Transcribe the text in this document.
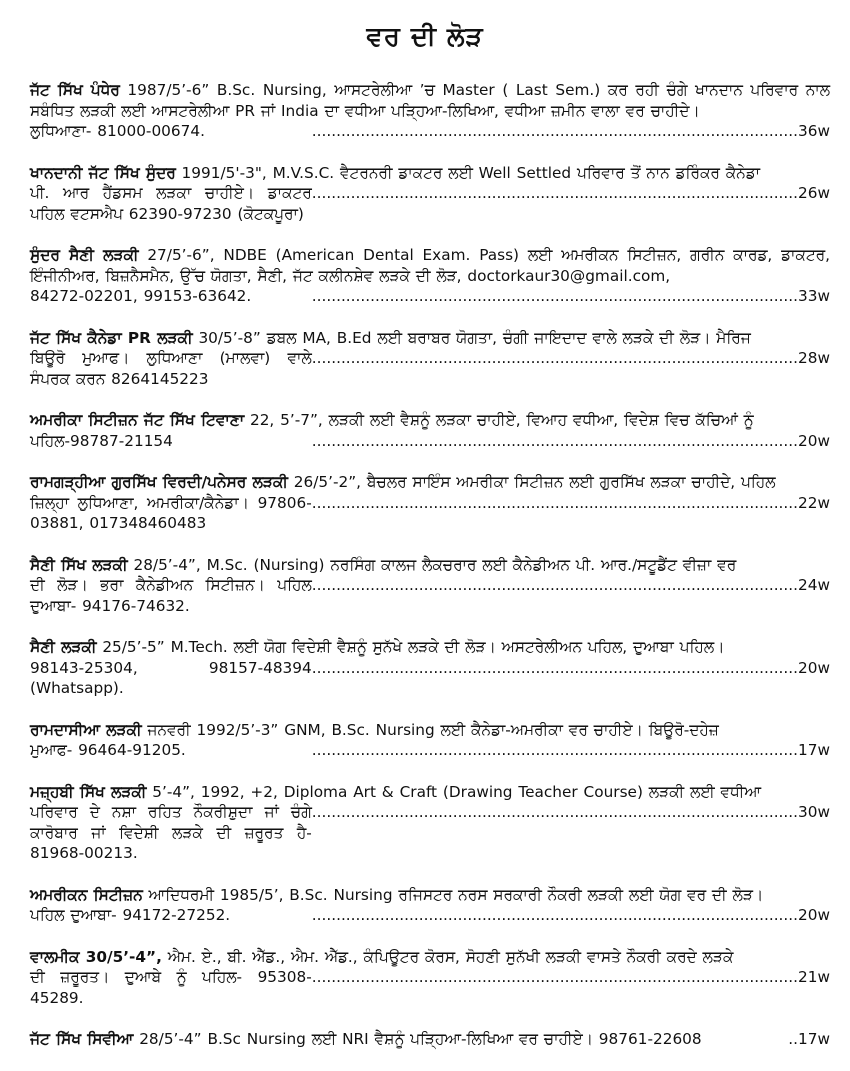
ਵਰ ਦੀ ਲੋੜ
ਜੱਟ ਸਿੱਖ ਪੰਧੇਰ 1987/5’-6” B.Sc. Nursing, ਆਸਟਰੇਲੀਆ ’ਚ Master ( Last Sem.) ਕਰ ਰਹੀ ਚੰਗੇ ਖਾਨਦਾਨ ਪਰਿਵਾਰ ਨਾਲ ਸਬੰਧਿਤ ਲੜਕੀ ਲਈ ਆਸਟਰੇਲੀਆ PR ਜਾਂ India ਦਾ ਵਧੀਆ ਪੜ੍ਹਿਆ-ਲਿਖਿਆ, ਵਧੀਆ ਜ਼ਮੀਨ ਵਾਲਾ ਵਰ ਚਾਹੀਦੇ।
ਲੁਧਿਆਣਾ- 81000-00674.	.................................................................................................... 36w
ਖਾਨਦਾਨੀ ਜੱਟ ਸਿੱਖ ਸੁੰਦਰ 1991/5'-3", M.V.S.C. ਵੈਟਰਨਰੀ ਡਾਕਟਰ ਲਈ Well Settled ਪਰਿਵਾਰ ਤੋਂ ਨਾਨ ਡਰਿੰਕਰ ਕੈਨੇਡਾ
ਪੀ. ਆਰ ਹੈਂਡਸਮ ਲੜਕਾ ਚਾਹੀਏ। ਡਾਕਟਰ ਪਹਿਲ ਵਟਸਐਪ 62390-97230 (ਕੋਟਕਪੂਰਾ)
.................................................................................................... 26w
ਸੁੰਦਰ ਸੈਣੀ ਲੜਕੀ 27/5’-6”, NDBE (American Dental Exam. Pass) ਲਈ ਅਮਰੀਕਨ ਸਿਟੀਜ਼ਨ, ਗਰੀਨ ਕਾਰਡ, ਡਾਕਟਰ, ਇੰਜੀਨੀਅਰ, ਬਿਜ਼ਨੈਸਮੈਨ, ਉੱਚ ਯੋਗਤਾ, ਸੈਣੀ, ਜੱਟ ਕਲੀਨਸ਼ੇਵ ਲੜਕੇ ਦੀ ਲੋੜ, doctorkaur30@gmail.com,
84272-02201, 99153-63642.	.................................................................................................... 33w
ਜੱਟ ਸਿੱਖ ਕੈਨੇਡਾ PR ਲੜਕੀ 30/5’-8” ਡਬਲ MA, B.Ed ਲਈ ਬਰਾਬਰ ਯੋਗਤਾ, ਚੰਗੀ ਜਾਇਦਾਦ ਵਾਲੇ ਲੜਕੇ ਦੀ ਲੋੜ। ਮੈਰਿਜ
ਬਿਊਰੋ ਮੁਆਫ। ਲੁਧਿਆਣਾ (ਮਾਲਵਾ) ਵਾਲੇ ਸੰਪਰਕ ਕਰਨ 8264145223
.................................................................................................... 28w
ਅਮਰੀਕਾ ਸਿਟੀਜ਼ਨ ਜੱਟ ਸਿੱਖ ਟਿਵਾਣਾ 22, 5’-7”, ਲੜਕੀ ਲਈ ਵੈਸ਼ਨੂੰ ਲੜਕਾ ਚਾਹੀਏ, ਵਿਆਹ ਵਧੀਆ, ਵਿਦੇਸ਼ ਵਿਚ ਕੱਚਿਆਂ ਨੂੰ
ਪਹਿਲ-98787-21154	.................................................................................................... 20w
ਰਾਮਗੜ੍ਹੀਆ ਗੁਰਸਿੱਖ ਵਿਰਦੀ/ਪਨੇਸਰ ਲੜਕੀ 26/5’-2”, ਬੈਚਲਰ ਸਾਇੰਸ ਅਮਰੀਕਾ ਸਿਟੀਜ਼ਨ ਲਈ ਗੁਰਸਿੱਖ ਲੜਕਾ ਚਾਹੀਦੇ, ਪਹਿਲ
ਜ਼ਿਲ੍ਹਾ ਲੁਧਿਆਣਾ, ਅਮਰੀਕਾ/ਕੈਨੇਡਾ। 97806-03881, 017348460483
.................................................................................................... 22w
ਸੈਣੀ ਸਿੱਖ ਲੜਕੀ 28/5’-4”, M.Sc. (Nursing) ਨਰਸਿੰਗ ਕਾਲਜ ਲੈਕਚਰਾਰ ਲਈ ਕੈਨੇਡੀਅਨ ਪੀ. ਆਰ./ਸਟੂਡੈਂਟ ਵੀਜ਼ਾ ਵਰ
ਦੀ ਲੋੜ। ਭਰਾ ਕੈਨੇਡੀਅਨ ਸਿਟੀਜ਼ਨ। ਪਹਿਲ ਦੁਆਬਾ- 94176-74632.
.................................................................................................... 24w
ਸੈਣੀ ਲੜਕੀ 25/5’-5” M.Tech. ਲਈ ਯੋਗ ਵਿਦੇਸ਼ੀ ਵੈਸ਼ਨੂੰ ਸੁਨੱਖੇ ਲੜਕੇ ਦੀ ਲੋੜ। ਅਸਟਰੇਲੀਅਨ ਪਹਿਲ, ਦੁਆਬਾ ਪਹਿਲ।
98143-25304, 98157-48394 (Whatsapp).
.................................................................................................... 20w
ਰਾਮਦਾਸੀਆ ਲੜਕੀ ਜਨਵਰੀ 1992/5’-3” GNM, B.Sc. Nursing ਲਈ ਕੈਨੇਡਾ-ਅਮਰੀਕਾ ਵਰ ਚਾਹੀਏ। ਬਿਊਰੋ-ਦਹੇਜ਼
ਮੁਆਫ- 96464-91205.	.................................................................................................... 17w
ਮਜ਼੍ਹਬੀ ਸਿੱਖ ਲੜਕੀ 5’-4”, 1992, +2, Diploma Art & Craft (Drawing Teacher Course) ਲੜਕੀ ਲਈ ਵਧੀਆ
ਪਰਿਵਾਰ ਦੇ ਨਸ਼ਾ ਰਹਿਤ ਨੌਕਰੀਸ਼ੁਦਾ ਜਾਂ ਚੰਗੇ ਕਾਰੋਬਾਰ ਜਾਂ ਵਿਦੇਸ਼ੀ ਲੜਕੇ ਦੀ ਜ਼ਰੂਰਤ ਹੈ- 81968-00213.
.................................................................................................... 30w
ਅਮਰੀਕਨ ਸਿਟੀਜ਼ਨ ਆਦਿਧਰਮੀ 1985/5’, B.Sc. Nursing ਰਜਿਸਟਰ ਨਰਸ ਸਰਕਾਰੀ ਨੌਕਰੀ ਲੜਕੀ ਲਈ ਯੋਗ ਵਰ ਦੀ ਲੋੜ।
ਪਹਿਲ ਦੁਆਬਾ- 94172-27252.	.................................................................................................... 20w
ਵਾਲਮੀਕ 30/5’-4”, ਐਮ. ਏ., ਬੀ. ਐੱਡ., ਐਮ. ਐੱਡ., ਕੰਪਿਊਟਰ ਕੋਰਸ, ਸੋਹਣੀ ਸੁਨੱਖੀ ਲੜਕੀ ਵਾਸਤੇ ਨੌਕਰੀ ਕਰਦੇ ਲੜਕੇ
ਦੀ ਜ਼ਰੂਰਤ। ਦੁਆਬੇ ਨੂੰ ਪਹਿਲ- 95308-45289.
.................................................................................................... 21w
ਜੱਟ ਸਿੱਖ ਸਿਵੀਆ 28/5’-4” B.Sc Nursing ਲਈ NRI ਵੈਸ਼ਨੂੰ ਪੜ੍ਹਿਆ-ਲਿਖਿਆ ਵਰ ਚਾਹੀਏ। 98761-22608	.. 17w
